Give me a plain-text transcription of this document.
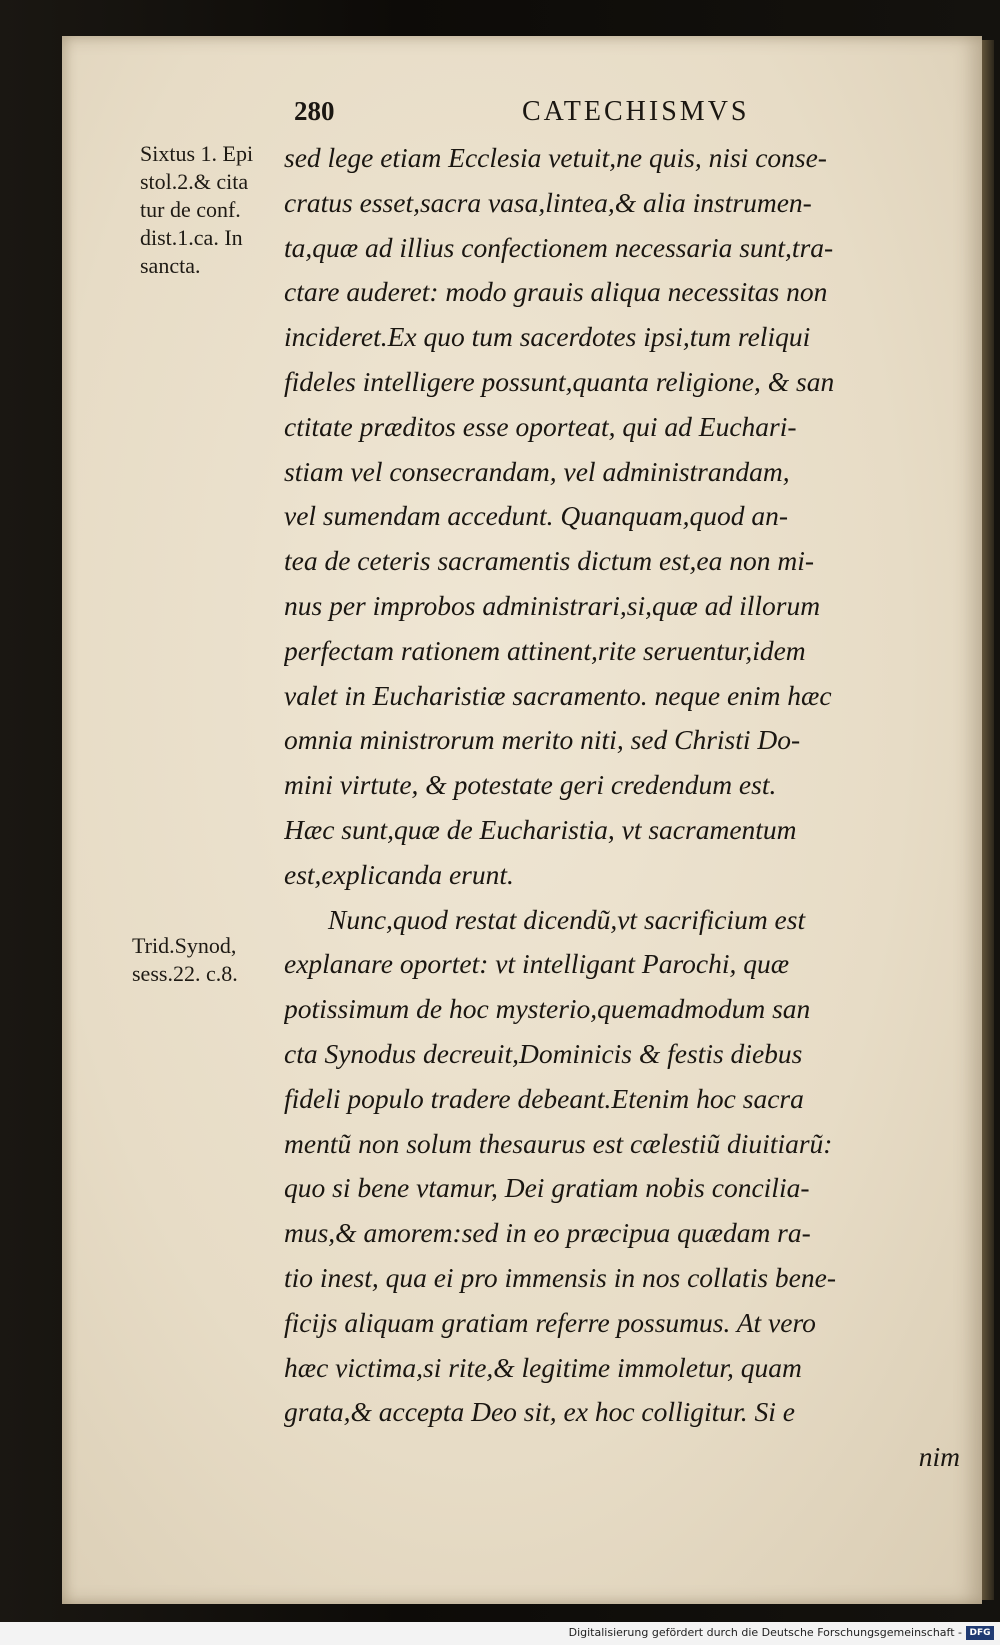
280	CATECHISMVS
Sixtus 1. Epi
stol.2.& cita
tur de conf.
dist.1.ca. In
sancta.
Trid.Synod,
sess.22. c.8.
sed lege etiam Ecclesia vetuit,ne quis, nisi conse-
cratus esset,sacra vasa,lintea,& alia instrumen-
ta,quæ ad illius confectionem necessaria sunt,tra-
ctare auderet: modo grauis aliqua necessitas non
incideret.Ex quo tum sacerdotes ipsi,tum reliqui
fideles intelligere possunt,quanta religione, & san
ctitate præditos esse oporteat, qui ad Euchari-
stiam vel consecrandam, vel administrandam,
vel sumendam accedunt. Quanquam,quod an-
tea de ceteris sacramentis dictum est,ea non mi-
nus per improbos administrari,si,quæ ad illorum
perfectam rationem attinent,rite seruentur,idem
valet in Eucharistiæ sacramento. neque enim hæc
omnia ministrorum merito niti, sed Christi Do-
mini virtute, & potestate geri credendum est.
Hæc sunt,quæ de Eucharistia, vt sacramentum
est,explicanda erunt.
Nunc,quod restat dicendũ,vt sacrificium est
explanare oportet: vt intelligant Parochi, quæ
potissimum de hoc mysterio,quemadmodum san
cta Synodus decreuit,Dominicis & festis diebus
fideli populo tradere debeant.Etenim hoc sacra
mentũ non solum thesaurus est cælestiũ diuitiarũ:
quo si bene vtamur, Dei gratiam nobis concilia-
mus,& amorem:sed in eo præcipua quædam ra-
tio inest, qua ei pro immensis in nos collatis bene-
ficijs aliquam gratiam referre possumus. At vero
hæc victima,si rite,& legitime immoletur, quam
grata,& accepta Deo sit, ex hoc colligitur. Si e
nim
Digitalisierung gefördert durch die Deutsche Forschungsgemeinschaft - DFG
